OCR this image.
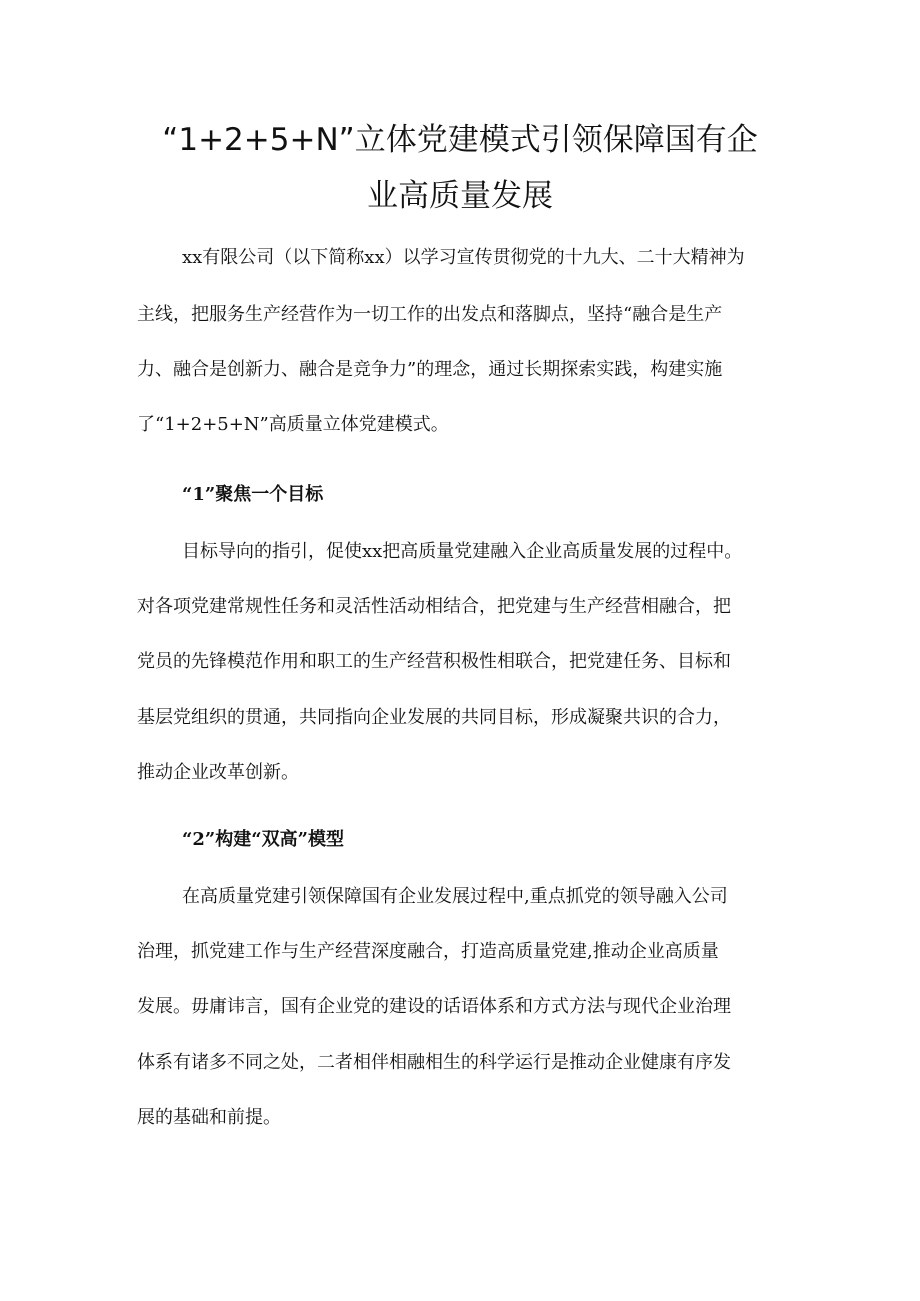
“1+2+5+N”立体党建模式引领保障国有企
业高质量发展
xx有限公司（以下简称xx）以学习宣传贯彻党的十九大、二十大精神为
主线，把服务生产经营作为一切工作的出发点和落脚点，坚持“融合是生产
力、融合是创新力、融合是竞争力”的理念，通过长期探索实践，构建实施
了“1+2+5+N”高质量立体党建模式。
“1”聚焦一个目标
目标导向的指引，促使xx把高质量党建融入企业高质量发展的过程中。
对各项党建常规性任务和灵活性活动相结合，把党建与生产经营相融合，把
党员的先锋模范作用和职工的生产经营积极性相联合，把党建任务、目标和
基层党组织的贯通，共同指向企业发展的共同目标，形成凝聚共识的合力，
推动企业改革创新。
“2”构建“双高”模型
在高质量党建引领保障国有企业发展过程中,重点抓党的领导融入公司
治理，抓党建工作与生产经营深度融合，打造高质量党建,推动企业高质量
发展。毋庸讳言，国有企业党的建设的话语体系和方式方法与现代企业治理
体系有诸多不同之处，二者相伴相融相生的科学运行是推动企业健康有序发
展的基础和前提。
